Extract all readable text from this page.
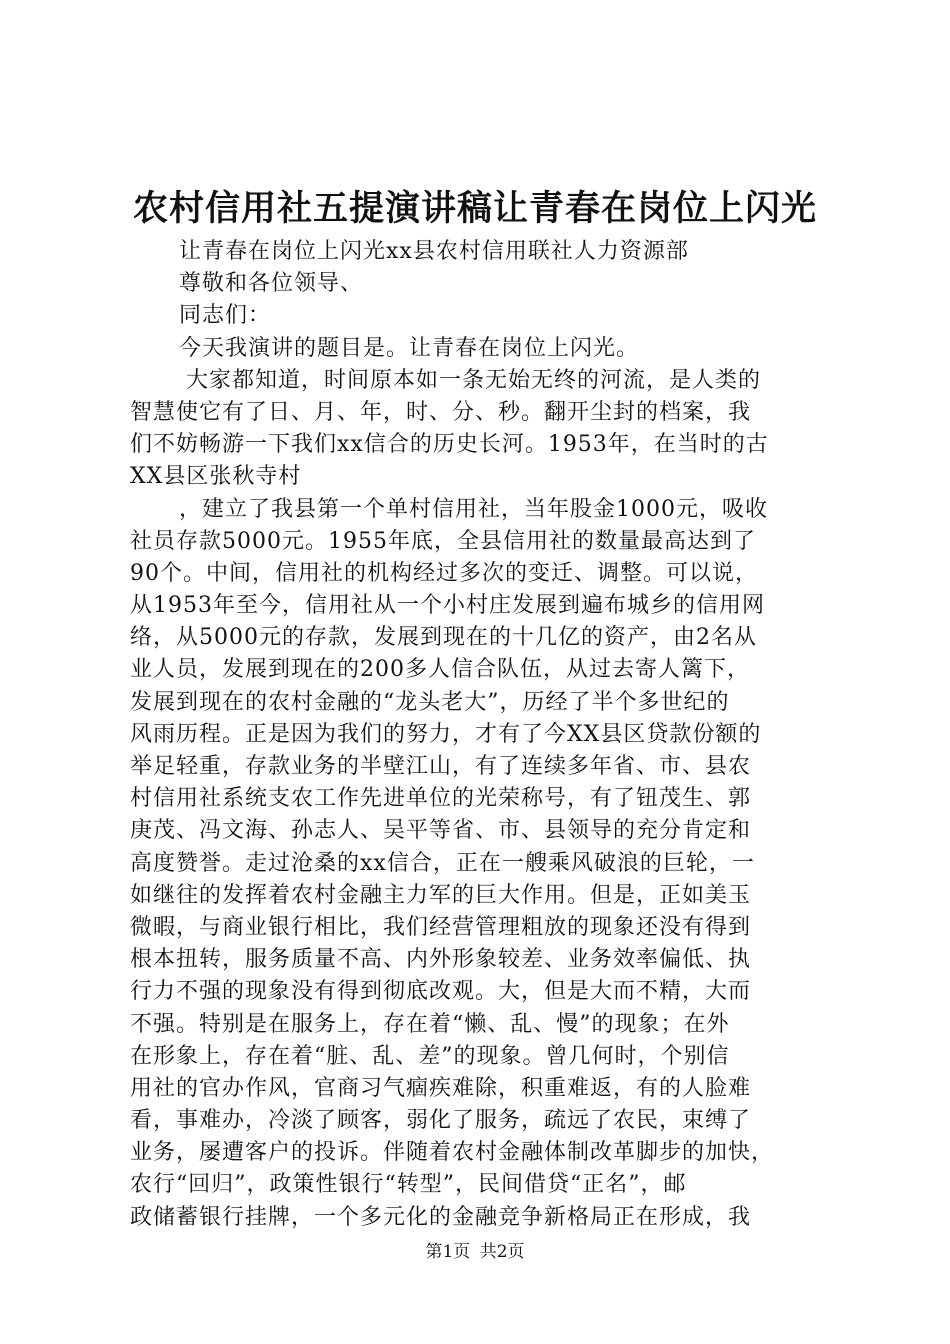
农村信用社五提演讲稿让青春在岗位上闪光
让青春在岗位上闪光xx县农村信用联社人力资源部
尊敬和各位领导、
同志们：
今天我演讲的题目是。让青春在岗位上闪光。
大家都知道，时间原本如一条无始无终的河流，是人类的
智慧使它有了日、月、年，时、分、秒。翻开尘封的档案，我
们不妨畅游一下我们xx信合的历史长河。1953年，在当时的古
XX县区张秋寺村
，建立了我县第一个单村信用社，当年股金1000元，吸收
社员存款5000元。1955年底，全县信用社的数量最高达到了
90个。中间，信用社的机构经过多次的变迁、调整。可以说，
从1953年至今，信用社从一个小村庄发展到遍布城乡的信用网
络，从5000元的存款，发展到现在的十几亿的资产，由2名从
业人员，发展到现在的200多人信合队伍，从过去寄人篱下，
发展到现在的农村金融的“龙头老大”，历经了半个多世纪的
风雨历程。正是因为我们的努力，才有了今XX县区贷款份额的
举足轻重，存款业务的半壁江山，有了连续多年省、市、县农
村信用社系统支农工作先进单位的光荣称号，有了钮茂生、郭
庚茂、冯文海、孙志人、吴平等省、市、县领导的充分肯定和
高度赞誉。走过沧桑的xx信合，正在一艘乘风破浪的巨轮，一
如继往的发挥着农村金融主力军的巨大作用。但是，正如美玉
微暇，与商业银行相比，我们经营管理粗放的现象还没有得到
根本扭转，服务质量不高、内外形象较差、业务效率偏低、执
行力不强的现象没有得到彻底改观。大，但是大而不精，大而
不强。特别是在服务上，存在着“懒、乱、慢”的现象；在外
在形象上，存在着“脏、乱、差”的现象。曾几何时，个别信
用社的官办作风，官商习气痼疾难除，积重难返，有的人脸难
看，事难办，冷淡了顾客，弱化了服务，疏远了农民，束缚了
业务，屡遭客户的投诉。伴随着农村金融体制改革脚步的加快，
农行“回归”，政策性银行“转型”，民间借贷“正名”，邮
政储蓄银行挂牌，一个多元化的金融竞争新格局正在形成，我
第1页 共2页
